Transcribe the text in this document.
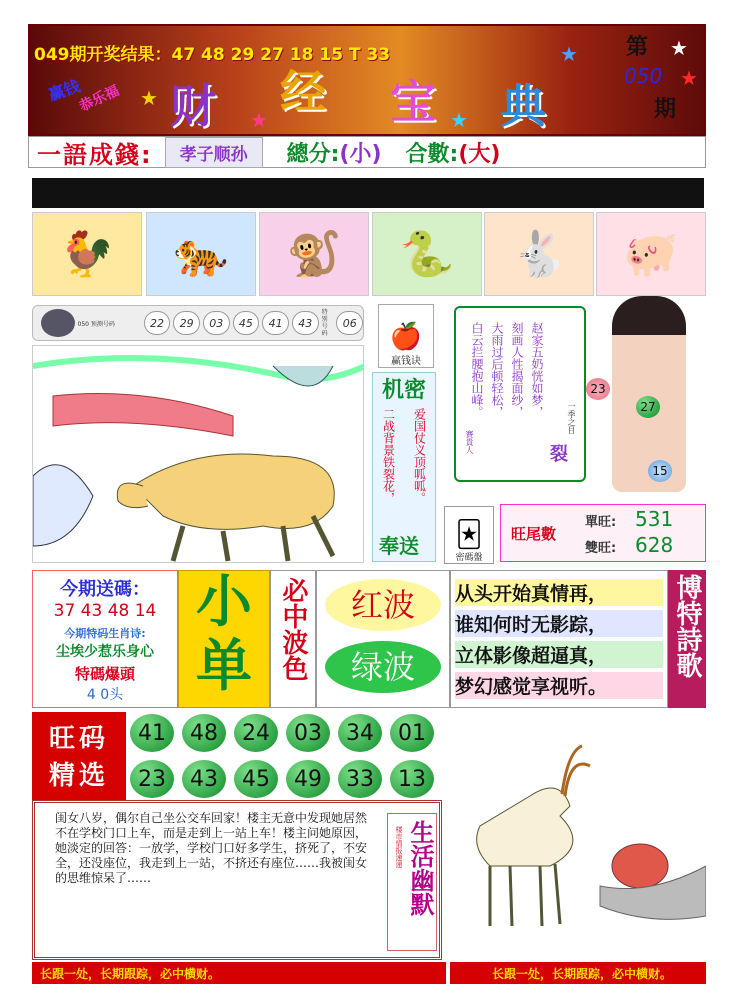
049期开奖结果：47 48 29 27 18 15 T 33
赢钱
恭乐福 财 经 宝 典
★
★	★
★	★
★
第
050
期
一語成錢:	孝子顺孙	總分: (小) 合數: (大)
🐓	🐅	🐒	🐍	🐇	🐖
050 预测号码	22	29	03	45	41	43
特别号码
06 🍎
赢钱诀
机密
二战背景铁裂花， 爱国仗义顶呱呱。
奉送 🃏
密碼盤
赵家五奶恍如梦，
刻画人性揭面纱，
大雨过后顿轻松，
白云拦腰抱山峰。
賽貴人
一季之目
裂
23
27
15
旺尾數
單旺: 531
雙旺: 628
今期送碼：
37 43 48 14
今期特码生肖诗:
尘埃少惹乐身心
特碼爆頭
4 0头
小
单	必中波色	红波
绿波
从头开始真情再，
谁知何时无影踪，
立体影像超逼真，
梦幻感觉享视听。
博特詩歌
旺码
精选
41	48	24	03	34	01
23	43	45	49	33	13
闺女八岁，偶尔自己坐公交车回家！楼主无意中发现她居然不在学校门口上车，而是走到上一站上车！楼主问她原因，她淡定的回答：一放学，学校门口好多学生，挤死了，不安全，还没座位，我走到上一站，不挤还有座位……我被闺女的思维惊呆了……
楼市情报速递 生活幽默
长跟一处，长期跟踪，必中横财。	长跟一处，长期跟踪，必中横财。
